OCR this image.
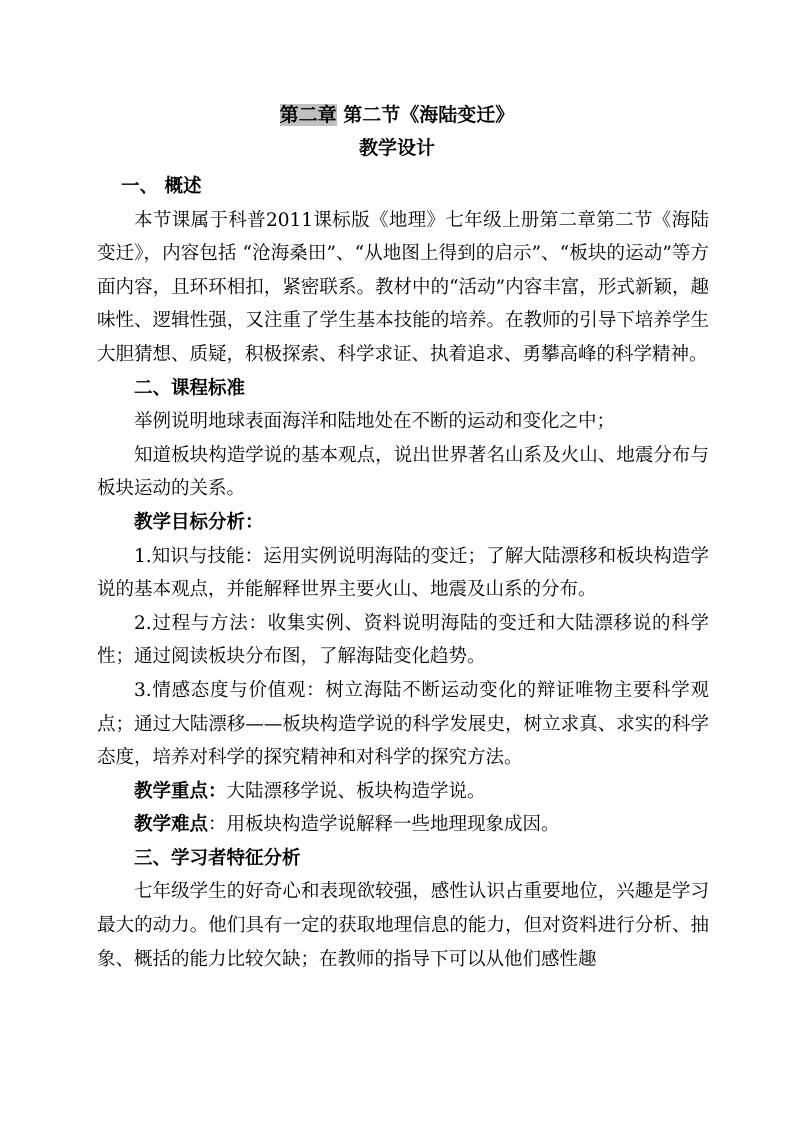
第二章 第二节《海陆变迁》
教学设计

一、 概述

本节课属于科普2011课标版《地理》七年级上册第二章第二节《海陆变迁》，内容包括 “沧海桑田”、“从地图上得到的启示”、“板块的运动”等方面内容，且环环相扣，紧密联系。教材中的“活动”内容丰富，形式新颖，趣味性、逻辑性强，又注重了学生基本技能的培养。在教师的引导下培养学生大胆猜想、质疑，积极探索、科学求证、执着追求、勇攀高峰的科学精神。

二、课程标准

举例说明地球表面海洋和陆地处在不断的运动和变化之中；

知道板块构造学说的基本观点，说出世界著名山系及火山、地震分布与板块运动的关系。

教学目标分析：

1.知识与技能：运用实例说明海陆的变迁；了解大陆漂移和板块构造学说的基本观点，并能解释世界主要火山、地震及山系的分布。

2.过程与方法：收集实例、资料说明海陆的变迁和大陆漂移说的科学性；通过阅读板块分布图，了解海陆变化趋势。

3.情感态度与价值观：树立海陆不断运动变化的辩证唯物主要科学观点；通过大陆漂移——板块构造学说的科学发展史，树立求真、求实的科学态度，培养对科学的探究精神和对科学的探究方法。

教学重点：大陆漂移学说、板块构造学说。

教学难点：用板块构造学说解释一些地理现象成因。

三、学习者特征分析

七年级学生的好奇心和表现欲较强，感性认识占重要地位，兴趣是学习最大的动力。他们具有一定的获取地理信息的能力，但对资料进行分析、抽象、概括的能力比较欠缺；在教师的指导下可以从他们感性趣
